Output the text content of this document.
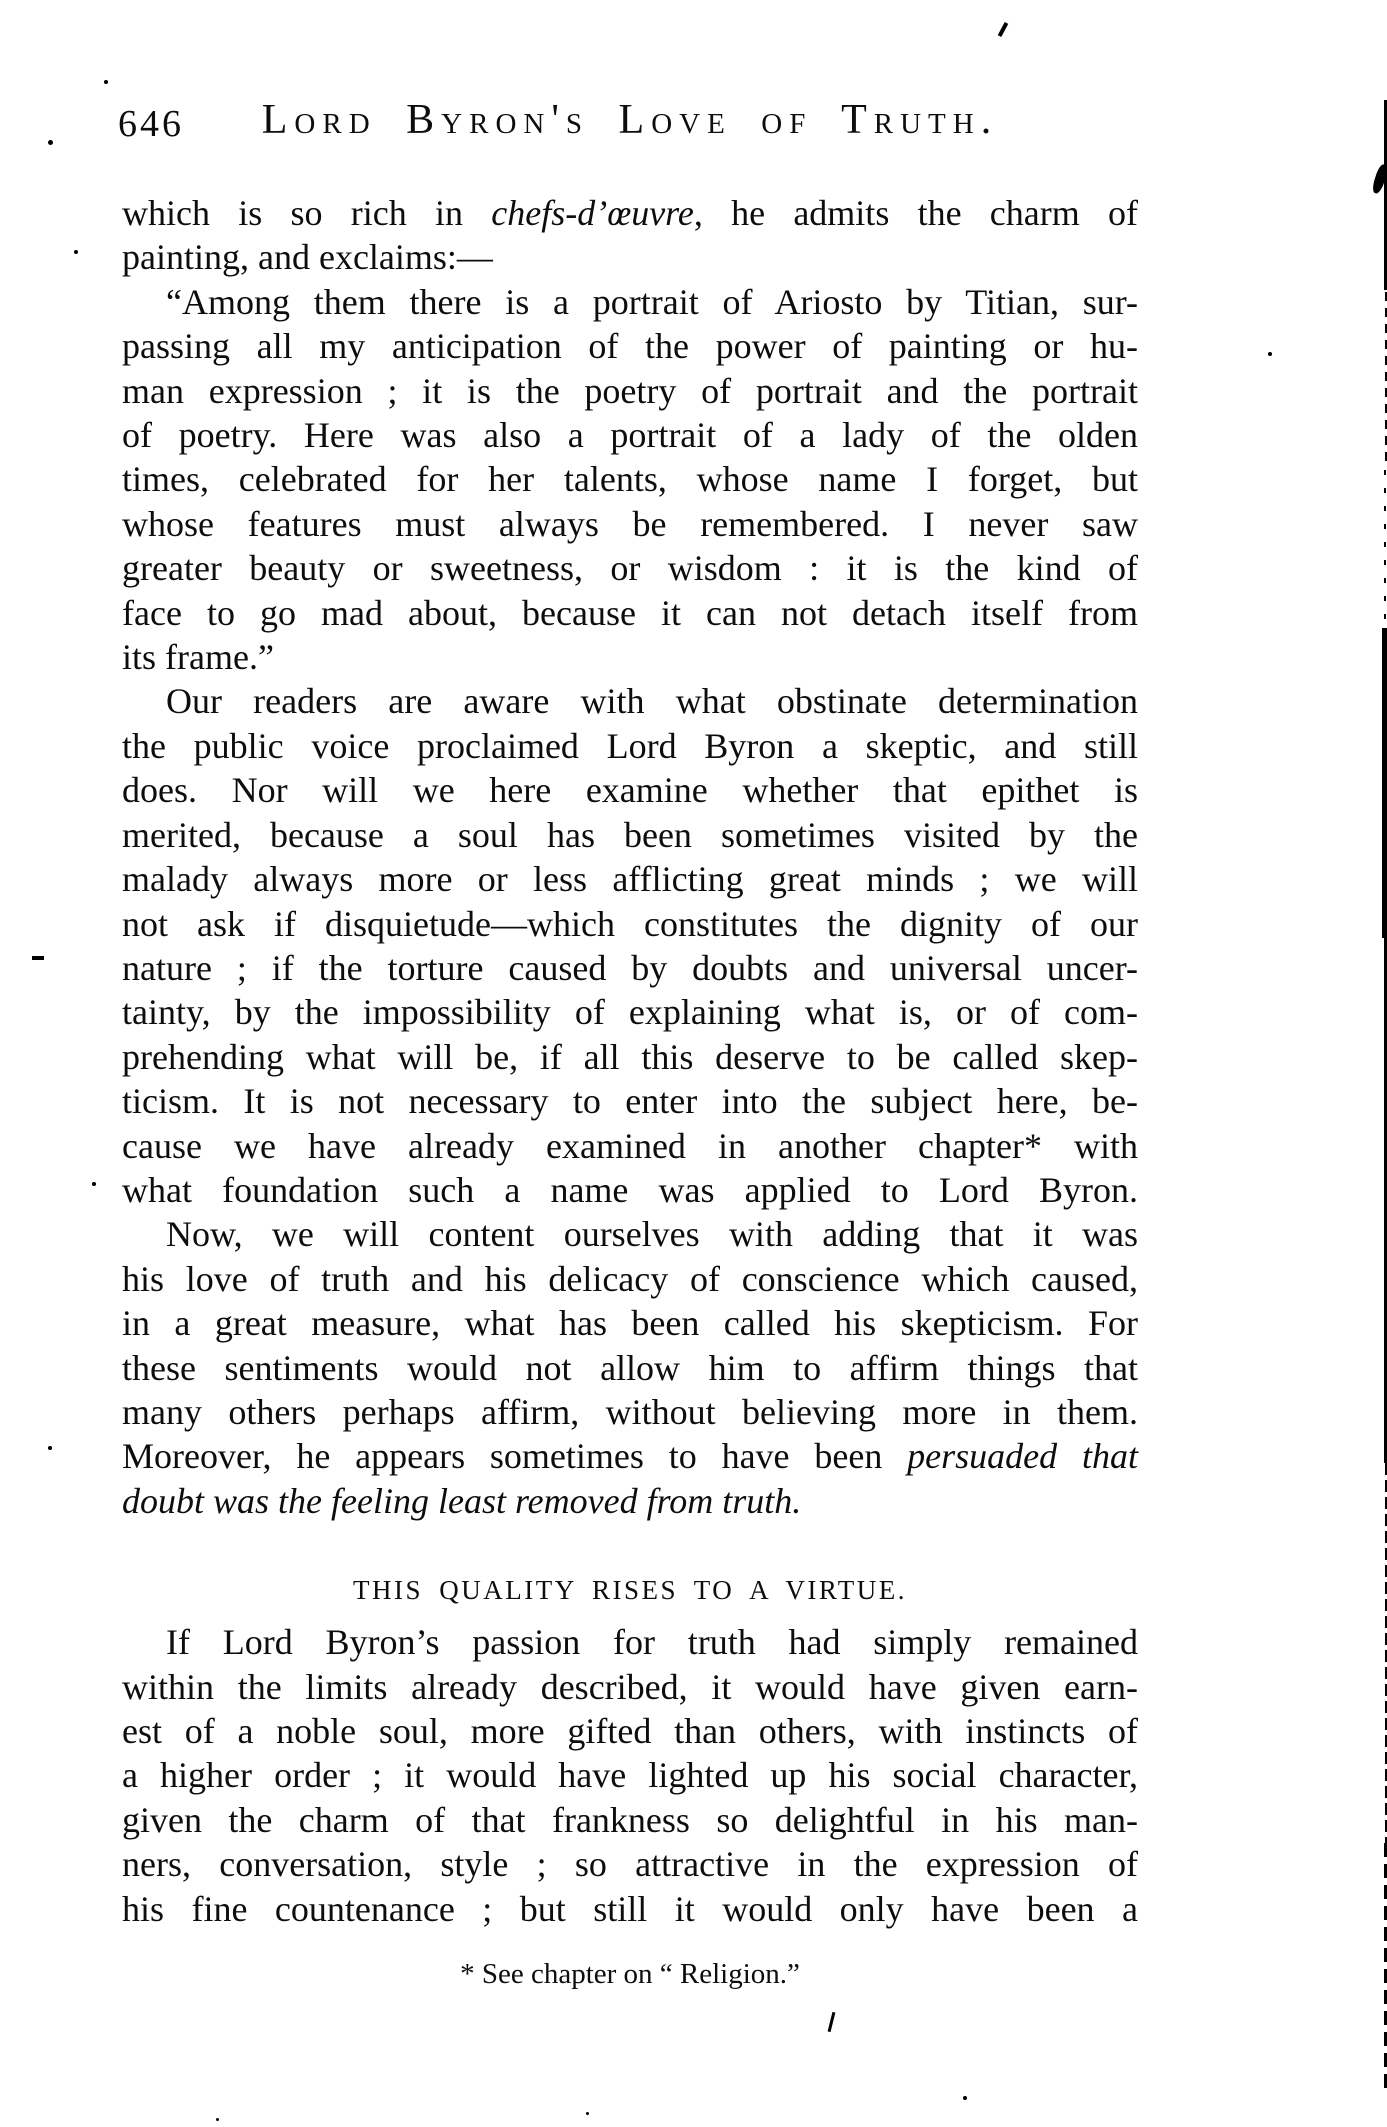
646	Lord Byron's Love of Truth.
which is so rich in chefs-d’œuvre, he admits the charm of
painting, and exclaims:—
“Among them there is a portrait of Ariosto by Titian, sur-
passing all my anticipation of the power of painting or hu-
man expression ; it is the poetry of portrait and the portrait
of poetry. Here was also a portrait of a lady of the olden
times, celebrated for her talents, whose name I forget, but
whose features must always be remembered. I never saw
greater beauty or sweetness, or wisdom : it is the kind of
face to go mad about, because it can not detach itself from
its frame.”
Our readers are aware with what obstinate determination
the public voice proclaimed Lord Byron a skeptic, and still
does. Nor will we here examine whether that epithet is
merited, because a soul has been sometimes visited by the
malady always more or less afflicting great minds ; we will
not ask if disquietude—which constitutes the dignity of our
nature ; if the torture caused by doubts and universal uncer-
tainty, by the impossibility of explaining what is, or of com-
prehending what will be, if all this deserve to be called skep-
ticism. It is not necessary to enter into the subject here, be-
cause we have already examined in another chapter* with
what foundation such a name was applied to Lord Byron.
Now, we will content ourselves with adding that it was
his love of truth and his delicacy of conscience which caused,
in a great measure, what has been called his skepticism. For
these sentiments would not allow him to affirm things that
many others perhaps affirm, without believing more in them.
Moreover, he appears sometimes to have been persuaded that
doubt was the feeling least removed from truth.
THIS QUALITY RISES TO A VIRTUE.
If Lord Byron’s passion for truth had simply remained
within the limits already described, it would have given earn-
est of a noble soul, more gifted than others, with instincts of
a higher order ; it would have lighted up his social character,
given the charm of that frankness so delightful in his man-
ners, conversation, style ; so attractive in the expression of
his fine countenance ; but still it would only have been a
* See chapter on “ Religion.”
